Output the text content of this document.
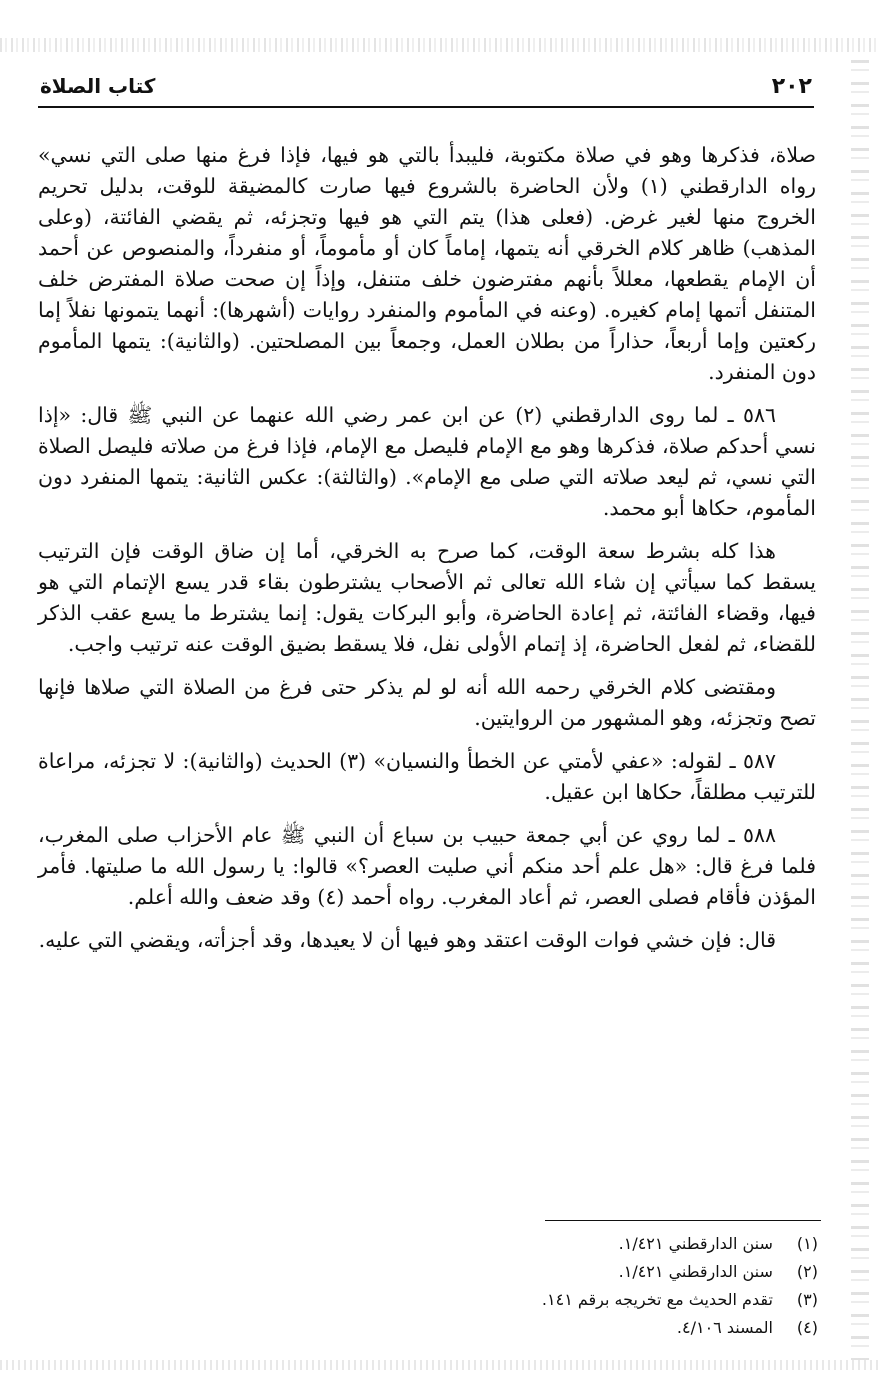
٢٠٢
كتاب الصلاة

صلاة، فذكرها وهو في صلاة مكتوبة، فليبدأ بالتي هو فيها، فإذا فرغ منها صلى التي نسي» رواه الدارقطني (١) ولأن الحاضرة بالشروع فيها صارت كالمضيقة للوقت، بدليل تحريم الخروج منها لغير غرض. (فعلى هذا) يتم التي هو فيها وتجزئه، ثم يقضي الفائتة، (وعلى المذهب) ظاهر كلام الخرقي أنه يتمها، إماماً كان أو مأموماً، أو منفرداً، والمنصوص عن أحمد أن الإمام يقطعها، معللاً بأنهم مفترضون خلف متنفل، وإذاً إن صحت صلاة المفترض خلف المتنفل أتمها إمام كغيره. (وعنه في المأموم والمنفرد روايات (أشهرها): أنهما يتمونها نفلاً إما ركعتين وإما أربعاً، حذاراً من بطلان العمل، وجمعاً بين المصلحتين. (والثانية): يتمها المأموم دون المنفرد.

٥٨٦ ـ لما روى الدارقطني (٢) عن ابن عمر رضي الله عنهما عن النبي ﷺ قال: «إذا نسي أحدكم صلاة، فذكرها وهو مع الإمام فليصل مع الإمام، فإذا فرغ من صلاته فليصل الصلاة التي نسي، ثم ليعد صلاته التي صلى مع الإمام». (والثالثة): عكس الثانية: يتمها المنفرد دون المأموم، حكاها أبو محمد.

هذا كله بشرط سعة الوقت، كما صرح به الخرقي، أما إن ضاق الوقت فإن الترتيب يسقط كما سيأتي إن شاء الله تعالى ثم الأصحاب يشترطون بقاء قدر يسع الإتمام التي هو فيها، وقضاء الفائتة، ثم إعادة الحاضرة، وأبو البركات يقول: إنما يشترط ما يسع عقب الذكر للقضاء، ثم لفعل الحاضرة، إذ إتمام الأولى نفل، فلا يسقط بضيق الوقت عنه ترتيب واجب.

ومقتضى كلام الخرقي رحمه الله أنه لو لم يذكر حتى فرغ من الصلاة التي صلاها فإنها تصح وتجزئه، وهو المشهور من الروايتين.

٥٨٧ ـ لقوله: «عفي لأمتي عن الخطأ والنسيان» (٣) الحديث (والثانية): لا تجزئه، مراعاة للترتيب مطلقاً، حكاها ابن عقيل.

٥٨٨ ـ لما روي عن أبي جمعة حبيب بن سباع أن النبي ﷺ عام الأحزاب صلى المغرب، فلما فرغ قال: «هل علم أحد منكم أني صليت العصر؟» قالوا: يا رسول الله ما صليتها. فأمر المؤذن فأقام فصلى العصر، ثم أعاد المغرب. رواه أحمد (٤) وقد ضعف والله أعلم.

قال: فإن خشي فوات الوقت اعتقد وهو فيها أن لا يعيدها، وقد أجزأته، ويقضي التي عليه.

(١) سنن الدارقطني ١/٤٢١.
(٢) سنن الدارقطني ١/٤٢١.
(٣) تقدم الحديث مع تخريجه برقم ١٤١.
(٤) المسند ٤/١٠٦.
